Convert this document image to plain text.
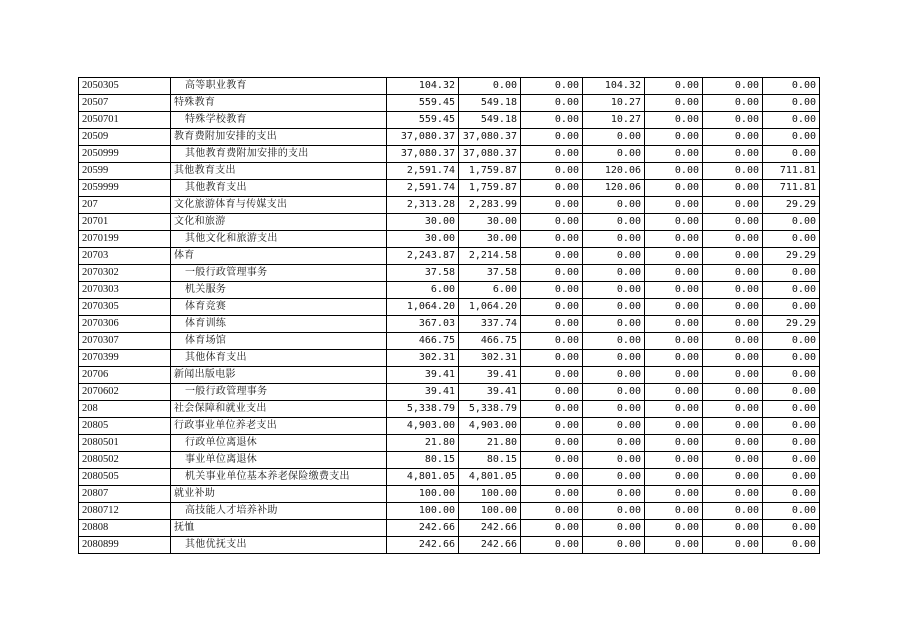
2050305	高等职业教育	104.32	0.00	0.00	104.32	0.00	0.00	0.00
20507	特殊教育	559.45	549.18	0.00	10.27	0.00	0.00	0.00
2050701	特殊学校教育	559.45	549.18	0.00	10.27	0.00	0.00	0.00
20509	教育费附加安排的支出	37,080.37	37,080.37	0.00	0.00	0.00	0.00	0.00
2050999	其他教育费附加安排的支出	37,080.37	37,080.37	0.00	0.00	0.00	0.00	0.00
20599	其他教育支出	2,591.74	1,759.87	0.00	120.06	0.00	0.00	711.81
2059999	其他教育支出	2,591.74	1,759.87	0.00	120.06	0.00	0.00	711.81
207	文化旅游体育与传媒支出	2,313.28	2,283.99	0.00	0.00	0.00	0.00	29.29
20701	文化和旅游	30.00	30.00	0.00	0.00	0.00	0.00	0.00
2070199	其他文化和旅游支出	30.00	30.00	0.00	0.00	0.00	0.00	0.00
20703	体育	2,243.87	2,214.58	0.00	0.00	0.00	0.00	29.29
2070302	一般行政管理事务	37.58	37.58	0.00	0.00	0.00	0.00	0.00
2070303	机关服务	6.00	6.00	0.00	0.00	0.00	0.00	0.00
2070305	体育竞赛	1,064.20	1,064.20	0.00	0.00	0.00	0.00	0.00
2070306	体育训练	367.03	337.74	0.00	0.00	0.00	0.00	29.29
2070307	体育场馆	466.75	466.75	0.00	0.00	0.00	0.00	0.00
2070399	其他体育支出	302.31	302.31	0.00	0.00	0.00	0.00	0.00
20706	新闻出版电影	39.41	39.41	0.00	0.00	0.00	0.00	0.00
2070602	一般行政管理事务	39.41	39.41	0.00	0.00	0.00	0.00	0.00
208	社会保障和就业支出	5,338.79	5,338.79	0.00	0.00	0.00	0.00	0.00
20805	行政事业单位养老支出	4,903.00	4,903.00	0.00	0.00	0.00	0.00	0.00
2080501	行政单位离退休	21.80	21.80	0.00	0.00	0.00	0.00	0.00
2080502	事业单位离退休	80.15	80.15	0.00	0.00	0.00	0.00	0.00
2080505	机关事业单位基本养老保险缴费支出	4,801.05	4,801.05	0.00	0.00	0.00	0.00	0.00
20807	就业补助	100.00	100.00	0.00	0.00	0.00	0.00	0.00
2080712	高技能人才培养补助	100.00	100.00	0.00	0.00	0.00	0.00	0.00
20808	抚恤	242.66	242.66	0.00	0.00	0.00	0.00	0.00
2080899	其他优抚支出	242.66	242.66	0.00	0.00	0.00	0.00	0.00
